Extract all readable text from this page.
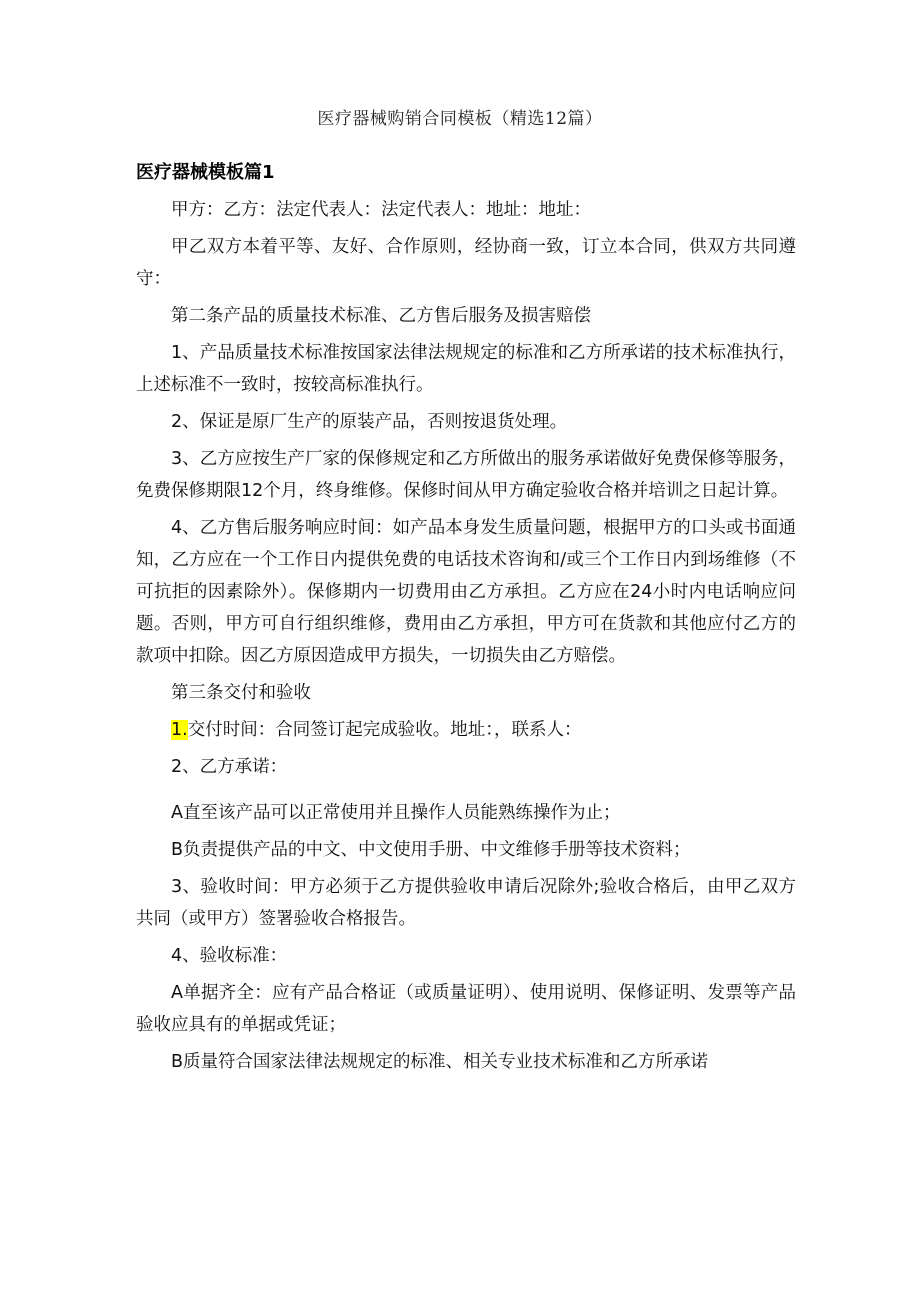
医疗器械购销合同模板（精选12篇）
医疗器械模板篇1

甲方：乙方：法定代表人：法定代表人：地址：地址：

甲乙双方本着平等、友好、合作原则，经协商一致，订立本合同，供双方共同遵守：

第二条产品的质量技术标准、乙方售后服务及损害赔偿

1、产品质量技术标准按国家法律法规规定的标准和乙方所承诺的技术标准执行，上述标准不一致时，按较高标准执行。

2、保证是原厂生产的原装产品，否则按退货处理。

3、乙方应按生产厂家的保修规定和乙方所做出的服务承诺做好免费保修等服务，免费保修期限12个月，终身维修。保修时间从甲方确定验收合格并培训之日起计算。

4、乙方售后服务响应时间：如产品本身发生质量问题，根据甲方的口头或书面通知，乙方应在一个工作日内提供免费的电话技术咨询和/或三个工作日内到场维修（不可抗拒的因素除外）。保修期内一切费用由乙方承担。乙方应在24小时内电话响应问题。否则，甲方可自行组织维修，费用由乙方承担，甲方可在货款和其他应付乙方的款项中扣除。因乙方原因造成甲方损失，一切损失由乙方赔偿。

第三条交付和验收

1.交付时间：合同签订起完成验收。地址：，联系人：

2、乙方承诺：

A直至该产品可以正常使用并且操作人员能熟练操作为止；

B负责提供产品的中文、中文使用手册、中文维修手册等技术资料；

3、验收时间：甲方必须于乙方提供验收申请后况除外;验收合格后，由甲乙双方共同（或甲方）签署验收合格报告。

4、验收标准：

A单据齐全：应有产品合格证（或质量证明）、使用说明、保修证明、发票等产品验收应具有的单据或凭证；

B质量符合国家法律法规规定的标准、相关专业技术标准和乙方所承诺
